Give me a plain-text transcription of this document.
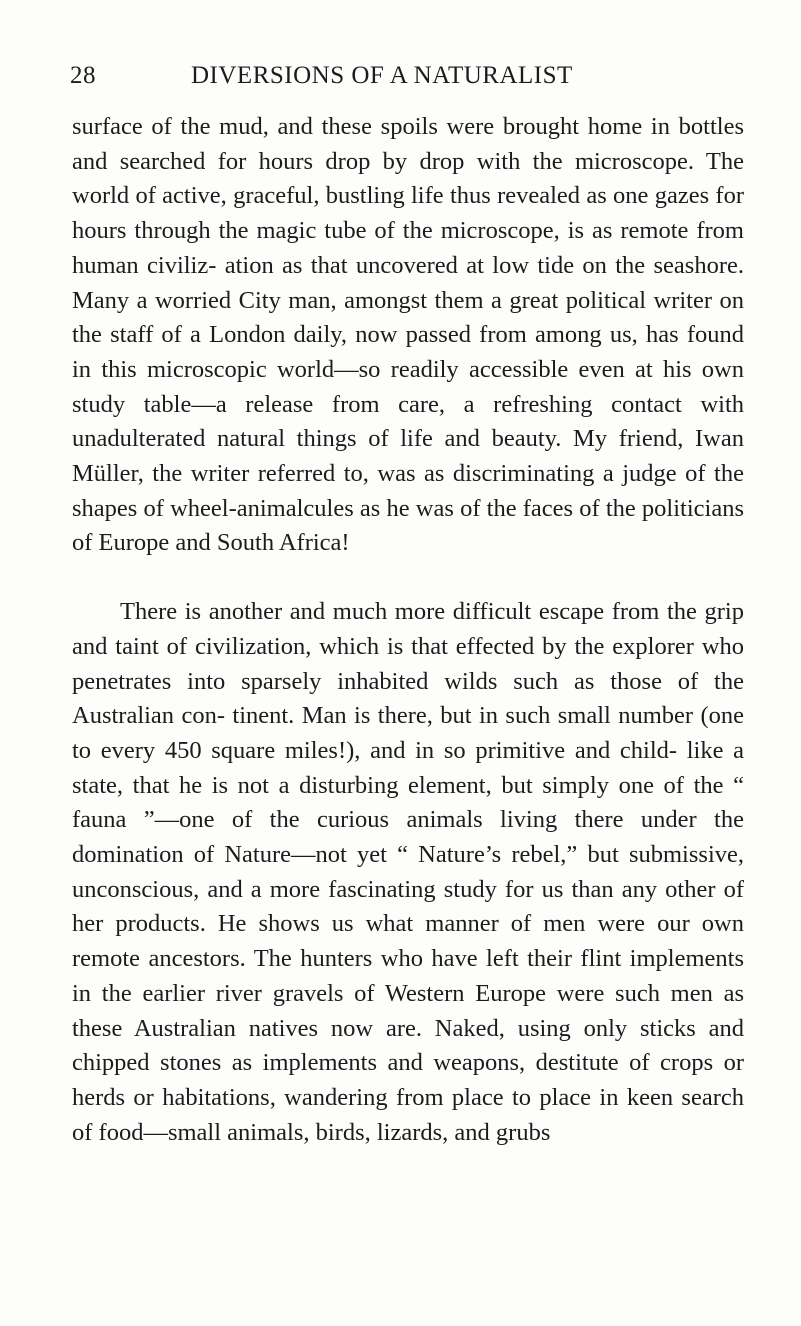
28	DIVERSIONS OF A NATURALIST

surface of the mud, and these spoils were brought home in bottles and searched for hours drop by drop with the microscope. The world of active, graceful, bustling life thus revealed as one gazes for hours through the magic tube of the microscope, is as remote from human civiliz- ation as that uncovered at low tide on the seashore. Many a worried City man, amongst them a great political writer on the staff of a London daily, now passed from among us, has found in this microscopic world—so readily accessible even at his own study table—a release from care, a refreshing contact with unadulterated natural things of life and beauty. My friend, Iwan Müller, the writer referred to, was as discriminating a judge of the shapes of wheel-animalcules as he was of the faces of the politicians of Europe and South Africa!

There is another and much more difficult escape from the grip and taint of civilization, which is that effected by the explorer who penetrates into sparsely inhabited wilds such as those of the Australian con- tinent. Man is there, but in such small number (one to every 450 square miles!), and in so primitive and child- like a state, that he is not a disturbing element, but simply one of the “ fauna ”—one of the curious animals living there under the domination of Nature—not yet “ Nature’s rebel,” but submissive, unconscious, and a more fascinating study for us than any other of her products. He shows us what manner of men were our own remote ancestors. The hunters who have left their flint implements in the earlier river gravels of Western Europe were such men as these Australian natives now are. Naked, using only sticks and chipped stones as implements and weapons, destitute of crops or herds or habitations, wandering from place to place in keen search of food—small animals, birds, lizards, and grubs
